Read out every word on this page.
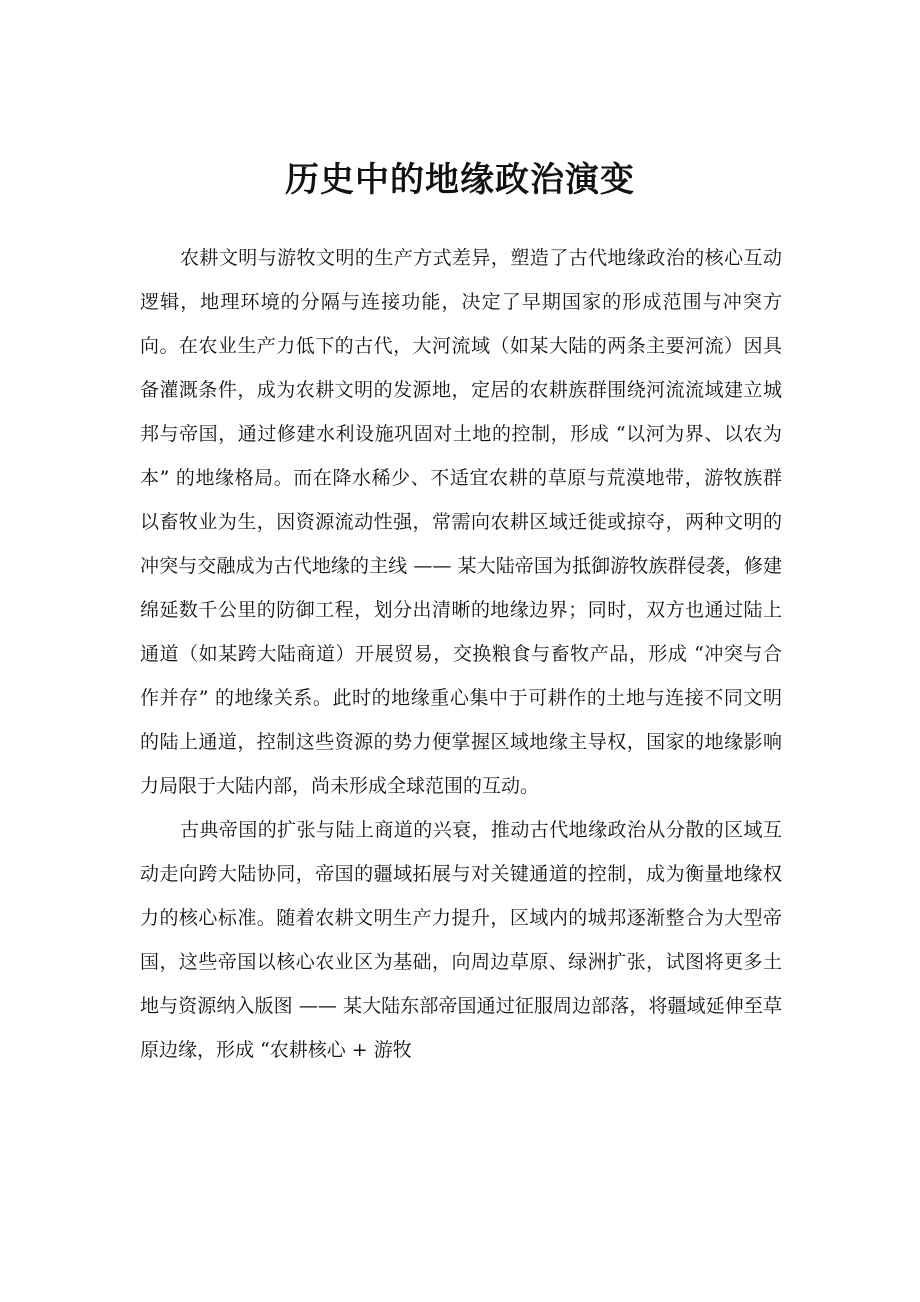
历史中的地缘政治演变

农耕文明与游牧文明的生产方式差异，塑造了古代地缘政治的核心互动逻辑，地理环境的分隔与连接功能，决定了早期国家的形成范围与冲突方向。在农业生产力低下的古代，大河流域（如某大陆的两条主要河流）因具备灌溉条件，成为农耕文明的发源地，定居的农耕族群围绕河流流域建立城邦与帝国，通过修建水利设施巩固对土地的控制，形成 “以河为界、以农为本” 的地缘格局。而在降水稀少、不适宜农耕的草原与荒漠地带，游牧族群以畜牧业为生，因资源流动性强，常需向农耕区域迁徙或掠夺，两种文明的冲突与交融成为古代地缘的主线 —— 某大陆帝国为抵御游牧族群侵袭，修建绵延数千公里的防御工程，划分出清晰的地缘边界；同时，双方也通过陆上通道（如某跨大陆商道）开展贸易，交换粮食与畜牧产品，形成 “冲突与合作并存” 的地缘关系。此时的地缘重心集中于可耕作的土地与连接不同文明的陆上通道，控制这些资源的势力便掌握区域地缘主导权，国家的地缘影响力局限于大陆内部，尚未形成全球范围的互动。

古典帝国的扩张与陆上商道的兴衰，推动古代地缘政治从分散的区域互动走向跨大陆协同，帝国的疆域拓展与对关键通道的控制，成为衡量地缘权力的核心标准。随着农耕文明生产力提升，区域内的城邦逐渐整合为大型帝国，这些帝国以核心农业区为基础，向周边草原、绿洲扩张，试图将更多土地与资源纳入版图 —— 某大陆东部帝国通过征服周边部落，将疆域延伸至草原边缘，形成 “农耕核心 + 游牧
